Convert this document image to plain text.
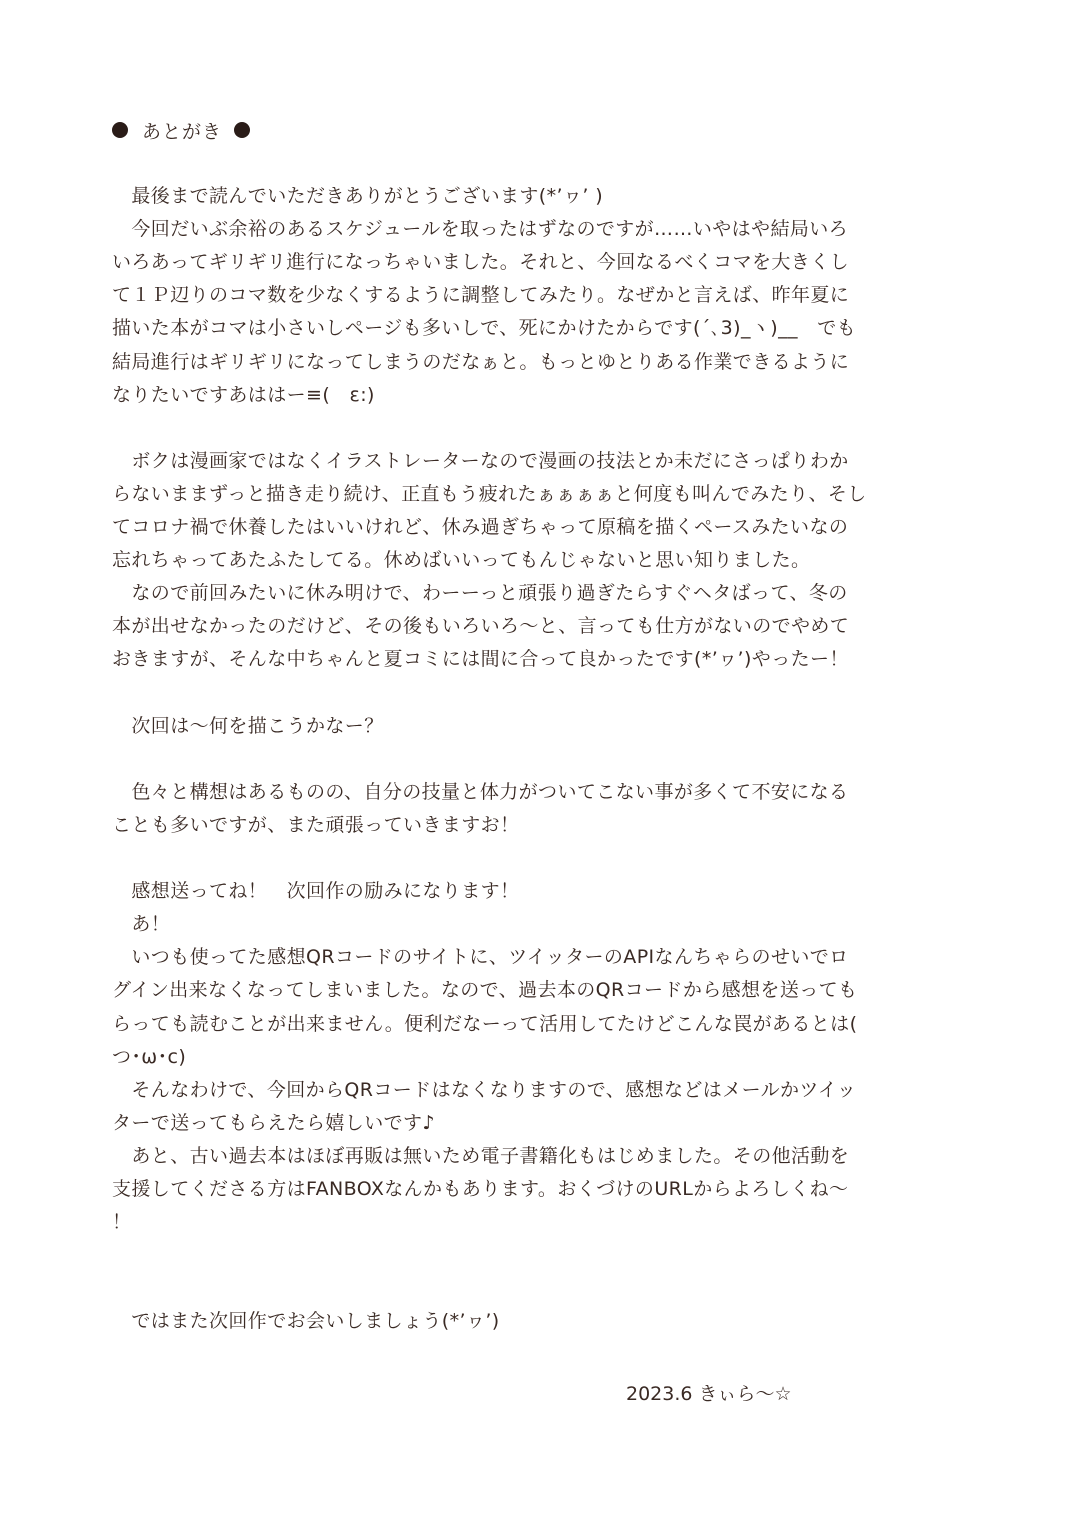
あとがき
　最後まで読んでいただきありがとうございます(*’ヮ’ )
　今回だいぶ余裕のあるスケジュールを取ったはずなのですが……いやはや結局いろ
いろあってギリギリ進行になっちゃいました。それと、今回なるべくコマを大きくし
て１Ｐ辺りのコマ数を少なくするように調整してみたり。なぜかと言えば、昨年夏に
描いた本がコマは小さいしページも多いしで、死にかけたからです(ˊ､3)_ヽ)__　でも
結局進行はギリギリになってしまうのだなぁと。もっとゆとりある作業できるように
なりたいですあははー≡(　ε:)
　ボクは漫画家ではなくイラストレーターなので漫画の技法とか未だにさっぱりわか
らないままずっと描き走り続け、正直もう疲れたぁぁぁぁと何度も叫んでみたり、そし
てコロナ禍で休養したはいいけれど、休み過ぎちゃって原稿を描くペースみたいなの
忘れちゃってあたふたしてる。休めばいいってもんじゃないと思い知りました。
　なので前回みたいに休み明けで、わーーっと頑張り過ぎたらすぐヘタばって、冬の
本が出せなかったのだけど、その後もいろいろ〜と、言っても仕方がないのでやめて
おきますが、そんな中ちゃんと夏コミには間に合って良かったです(*’ヮ’)やったー！
　次回は〜何を描こうかなー？
　色々と構想はあるものの、自分の技量と体力がついてこない事が多くて不安になる
ことも多いですが、また頑張っていきますお！
　感想送ってね！　次回作の励みになります！
　あ！
　いつも使ってた感想QRコードのサイトに、ツイッターのAPIなんちゃらのせいでロ
グイン出来なくなってしまいました。なので、過去本のQRコードから感想を送っても
らっても読むことが出来ません。便利だなーって活用してたけどこんな罠があるとは(
つ･ω･c)
　そんなわけで、今回からQRコードはなくなりますので、感想などはメールかツイッ
ターで送ってもらえたら嬉しいです♪
　あと、古い過去本はほぼ再販は無いため電子書籍化もはじめました。その他活動を
支援してくださる方はFANBOXなんかもあります。おくづけのURLからよろしくね〜
！
　ではまた次回作でお会いしましょう(*’ヮ’)
2023.6 きぃら〜☆
